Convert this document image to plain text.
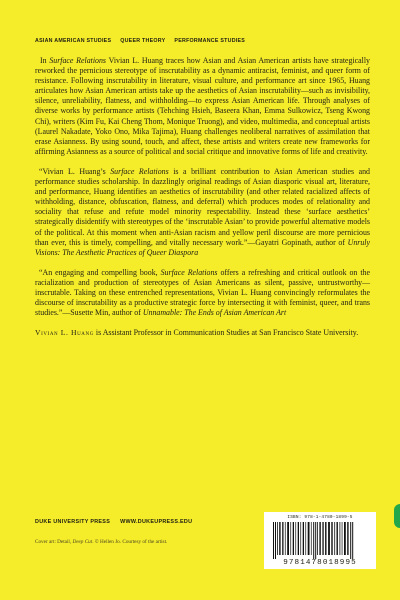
ASIAN AMERICAN STUDIES QUEER THEORY PERFORMANCE STUDIES

In Surface Relations Vivian L. Huang traces how Asian and Asian American artists have strategically reworked the pernicious stereotype of inscrutability as a dynamic antiracist, feminist, and queer form of resistance. Following inscrutability in literature, visual culture, and performance art since 1965, Huang articulates how Asian American artists take up the aesthetics of Asian inscrutability—such as invisibility, silence, unreliability, flatness, and withholding—to express Asian American life. Through analyses of diverse works by performance artists (Tehching Hsieh, Baseera Khan, Emma Sulkowicz, Tseng Kwong Chi), writers (Kim Fu, Kai Cheng Thom, Monique Truong), and video, multimedia, and conceptual artists (Laurel Nakadate, Yoko Ono, Mika Tajima), Huang challenges neoliberal narratives of assimilation that erase Asianness. By using sound, touch, and affect, these artists and writers create new frameworks for affirming Asianness as a source of political and social critique and innovative forms of life and creativity.

“Vivian L. Huang’s Surface Relations is a brilliant contribution to Asian American studies and performance studies scholarship. In dazzlingly original readings of Asian diasporic visual art, literature, and performance, Huang identifies an aesthetics of inscrutability (and other related racialized affects of withholding, distance, obfuscation, flatness, and deferral) which produces modes of relationality and sociality that refuse and refute model minority respectability. Instead these ‘surface aesthetics’ strategically disidentify with stereotypes of the ‘inscrutable Asian’ to provide powerful alternative models of the political. At this moment when anti-Asian racism and yellow peril discourse are more pernicious than ever, this is timely, compelling, and vitally necessary work.”—Gayatri Gopinath, author of Unruly Visions: The Aesthetic Practices of Queer Diaspora

“An engaging and compelling book, Surface Relations offers a refreshing and critical outlook on the racialization and production of stereotypes of Asian Americans as silent, passive, untrustworthy—inscrutable. Taking on these entrenched representations, Vivian L. Huang convincingly reformulates the discourse of inscrutability as a productive strategic force by intersecting it with feminist, queer, and trans studies.”—Susette Min, author of Unnamable: The Ends of Asian American Art

Vivian L. Huang is Assistant Professor in Communication Studies at San Francisco State University.

DUKE UNIVERSITY PRESS WWW.DUKEUPRESS.EDU
Cover art: Detail, Deep Cut. © Hellen Jo. Courtesy of the artist.
ISBN: 978-1-4780-1899-5
9781478018995
